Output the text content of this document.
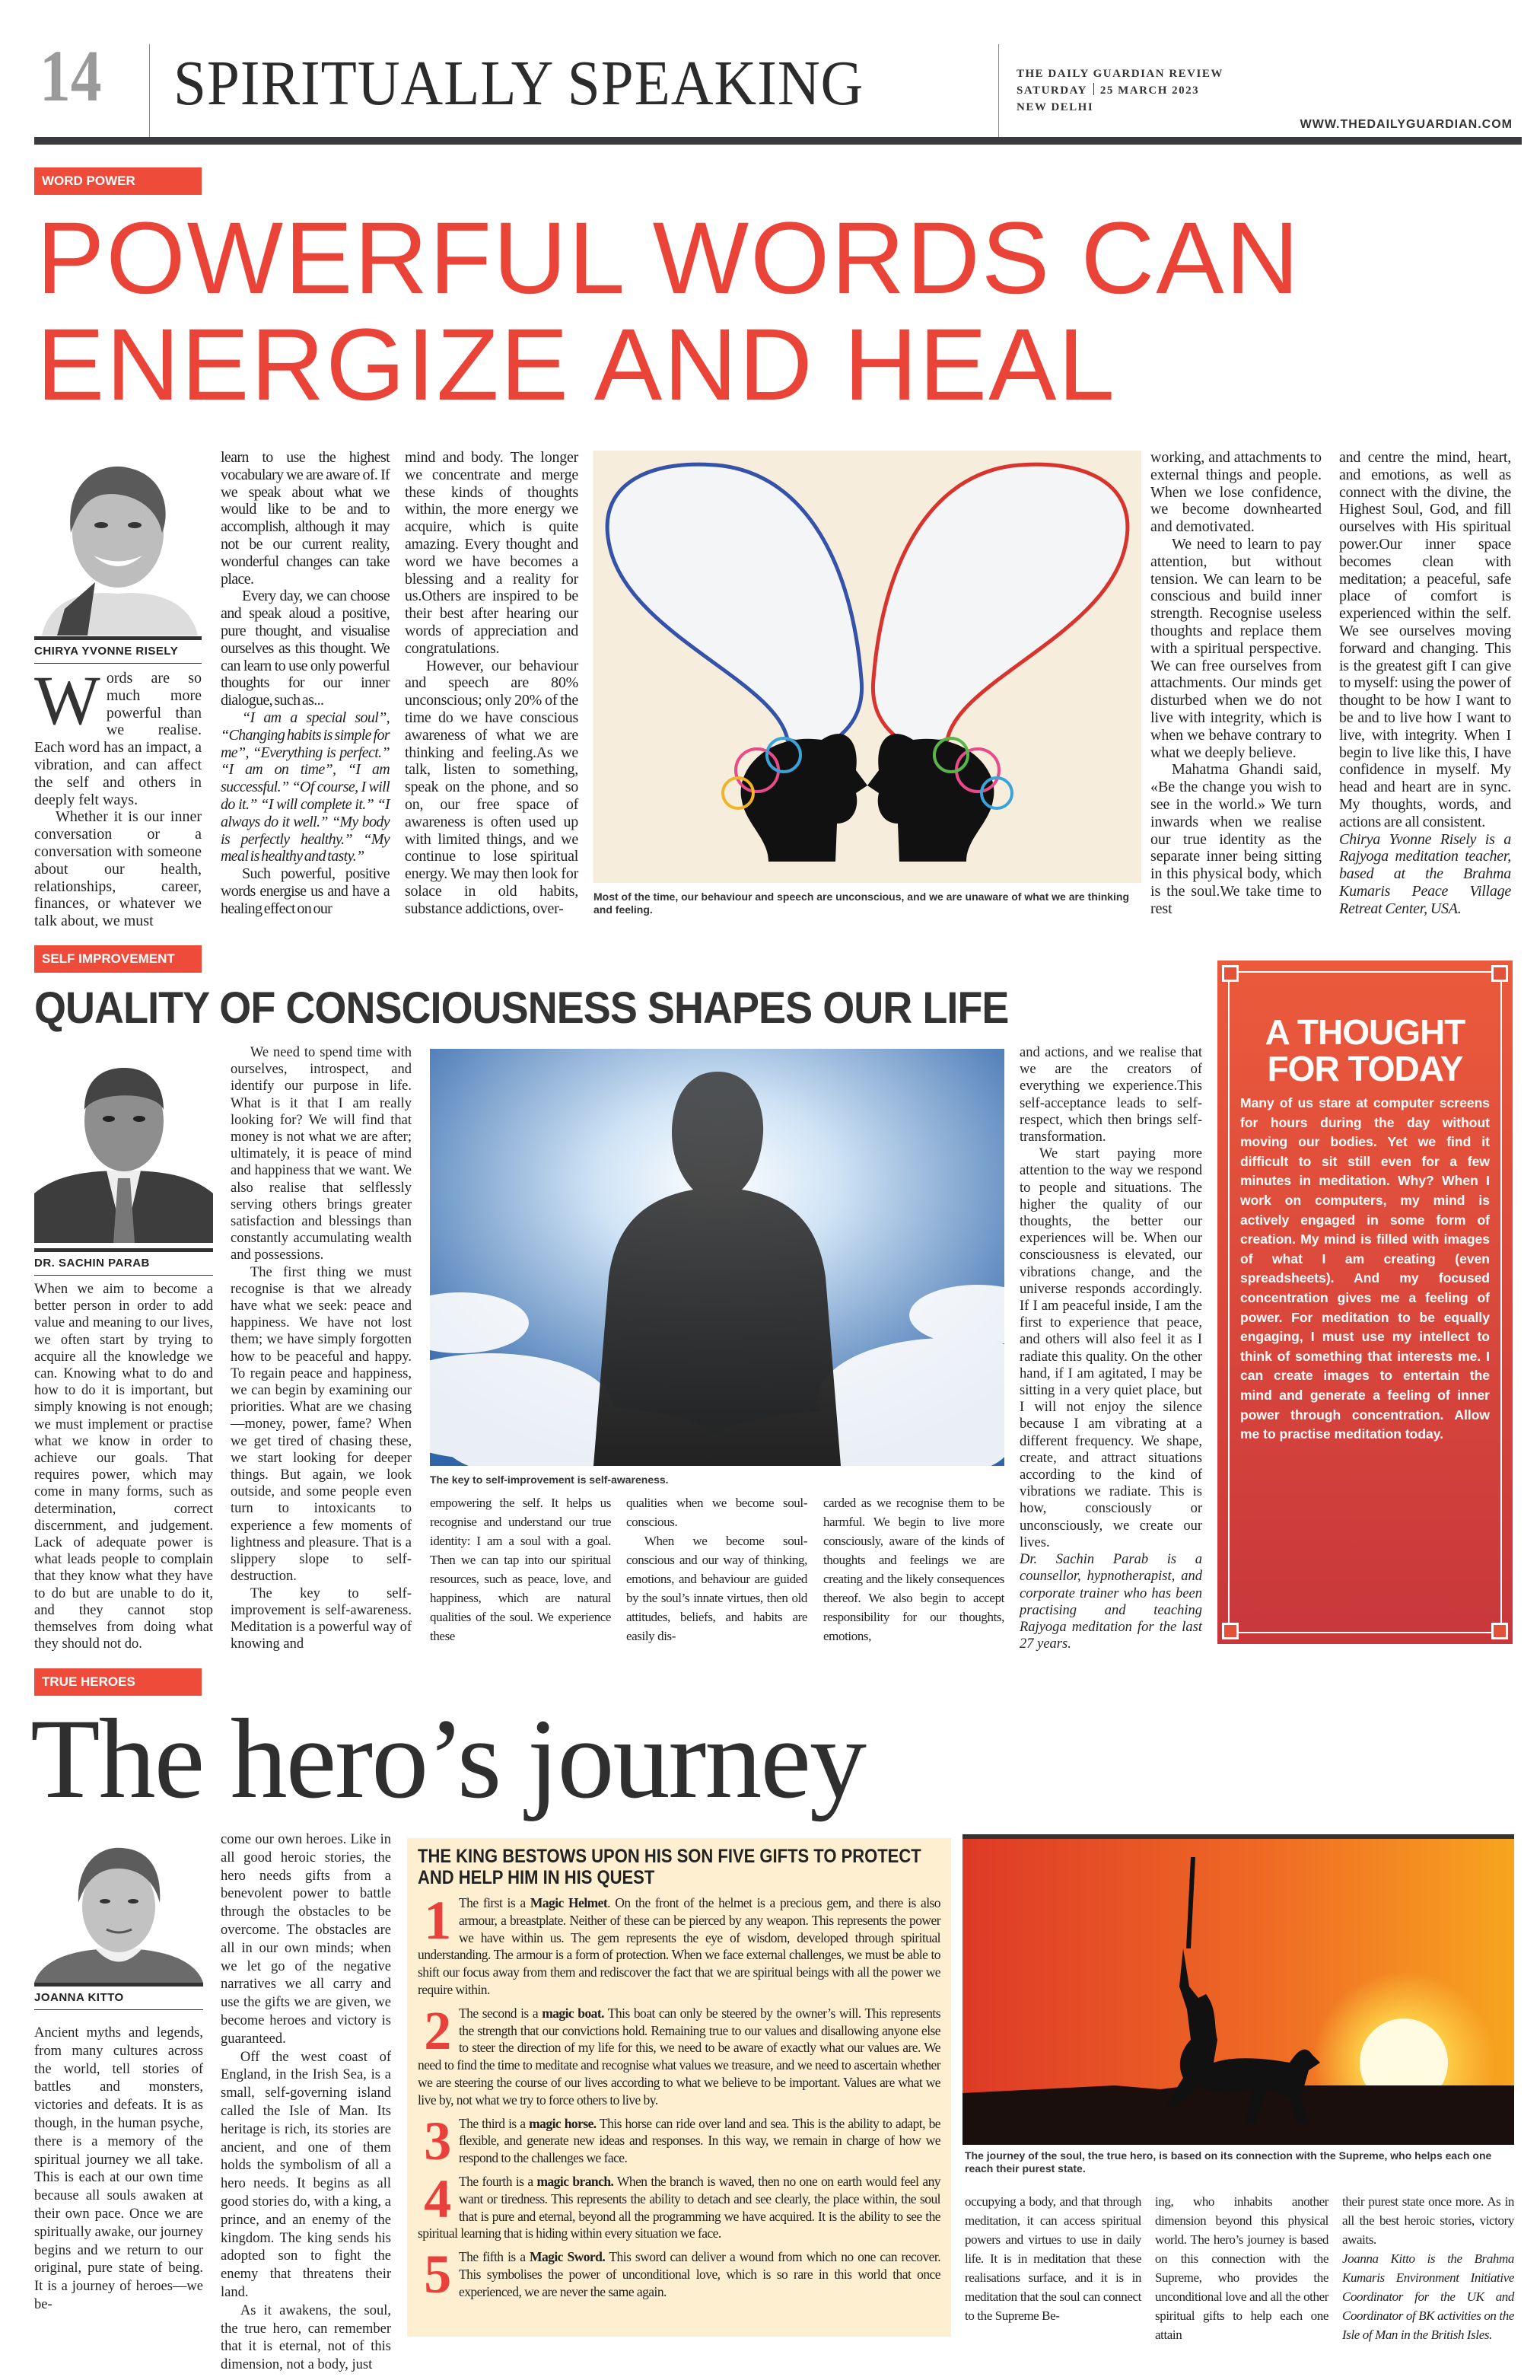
14 SPIRITUALLY SPEAKING	THE DAILY GUARDIAN REVIEW
SATURDAY 25 MARCH 2023
NEW DELHI
WWW.THEDAILYGUARDIAN.COM
WORD POWER
POWERFUL WORDS CAN
ENERGIZE AND HEAL
CHIRYA YVONNE RISELY

Words are so much more powerful than we realise. Each word has an impact, a vibration, and can affect the self and others in deeply felt ways.

Whether it is our inner conversation or a conversation with someone about our health, relationships, career, finances, or whatever we talk about, we must

learn to use the highest vocabulary we are aware of. If we speak about what we would like to be and to accomplish, although it may not be our current reality, wonderful changes can take place.

Every day, we can choose and speak aloud a positive, pure thought, and visualise ourselves as this thought. We can learn to use only powerful thoughts for our inner dialogue, such as...

“I am a special soul”, “Changing habits is simple for me”, “Everything is perfect.” “I am on time”, “I am successful.” “Of course, I will do it.” “I will complete it.” “I always do it well.” “My body is perfectly healthy.” “My meal is healthy and tasty.”

Such powerful, positive words energise us and have a healing effect on our

mind and body. The longer we concentrate and merge these kinds of thoughts within, the more energy we acquire, which is quite amazing. Every thought and word we have becomes a blessing and a reality for us.Others are inspired to be their best after hearing our words of appreciation and congratulations.

However, our behaviour and speech are 80% unconscious; only 20% of the time do we have conscious awareness of what we are thinking and feeling.As we talk, listen to something, speak on the phone, and so on, our free space of awareness is often used up with limited things, and we continue to lose spiritual energy. We may then look for solace in old habits, substance addictions, over-

Most of the time, our behaviour and speech are unconscious, and we are unaware of what we are thinking and feeling.

working, and attachments to external things and people. When we lose confidence, we become downhearted and demotivated.

We need to learn to pay attention, but without tension. We can learn to be conscious and build inner strength. Recognise useless thoughts and replace them with a spiritual perspective. We can free ourselves from attachments. Our minds get disturbed when we do not live with integrity, which is when we behave contrary to what we deeply believe.

Mahatma Ghandi said, «Be the change you wish to see in the world.» We turn inwards when we realise our true identity as the separate inner being sitting in this physical body, which is the soul.We take time to rest

and centre the mind, heart, and emotions, as well as connect with the divine, the Highest Soul, God, and fill ourselves with His spiritual power.Our inner space becomes clean with meditation; a peaceful, safe place of comfort is experienced within the self. We see ourselves moving forward and changing. This is the greatest gift I can give to myself: using the power of thought to be how I want to be and to live how I want to live, with integrity. When I begin to live like this, I have confidence in myself. My head and heart are in sync. My thoughts, words, and actions are all consistent.

Chirya Yvonne Risely is a Rajyoga meditation teacher, based at the Brahma Kumaris Peace Village Retreat Center, USA.

SELF IMPROVEMENT
QUALITY OF CONSCIOUSNESS SHAPES OUR LIFE
DR. SACHIN PARAB

When we aim to become a better person in order to add value and meaning to our lives, we often start by trying to acquire all the knowledge we can. Knowing what to do and how to do it is important, but simply knowing is not enough; we must implement or practise what we know in order to achieve our goals. That requires power, which may come in many forms, such as determination, correct discernment, and judgement. Lack of adequate power is what leads people to complain that they know what they have to do but are unable to do it, and they cannot stop themselves from doing what they should not do.

We need to spend time with ourselves, introspect, and identify our purpose in life. What is it that I am really looking for? We will find that money is not what we are after; ultimately, it is peace of mind and happiness that we want. We also realise that selflessly serving others brings greater satisfaction and blessings than constantly accumulating wealth and possessions.

The first thing we must recognise is that we already have what we seek: peace and happiness. We have not lost them; we have simply forgotten how to be peaceful and happy. To regain peace and happiness, we can begin by examining our priorities. What are we chasing—money, power, fame? When we get tired of chasing these, we start looking for deeper things. But again, we look outside, and some people even turn to intoxicants to experience a few moments of lightness and pleasure. That is a slippery slope to self-destruction.

The key to self-improvement is self-awareness. Meditation is a powerful way of knowing and

The key to self-improvement is self-awareness.

empowering the self. It helps us recognise and understand our true identity: I am a soul with a goal. Then we can tap into our spiritual resources, such as peace, love, and happiness, which are natural qualities of the soul. We experience these

qualities when we become soul-conscious.

When we become soul-conscious and our way of thinking, emotions, and behaviour are guided by the soul’s innate virtues, then old attitudes, beliefs, and habits are easily dis-

carded as we recognise them to be harmful. We begin to live more consciously, aware of the kinds of thoughts and feelings we are creating and the likely consequences thereof. We also begin to accept responsibility for our thoughts, emotions,

and actions, and we realise that we are the creators of everything we experience.This self-acceptance leads to self-respect, which then brings self-transformation.

We start paying more attention to the way we respond to people and situations. The higher the quality of our thoughts, the better our experiences will be. When our consciousness is elevated, our vibrations change, and the universe responds accordingly. If I am peaceful inside, I am the first to experience that peace, and others will also feel it as I radiate this quality. On the other hand, if I am agitated, I may be sitting in a very quiet place, but I will not enjoy the silence because I am vibrating at a different frequency. We shape, create, and attract situations according to the kind of vibrations we radiate. This is how, consciously or unconsciously, we create our lives.

Dr. Sachin Parab is a counsellor, hypnotherapist, and corporate trainer who has been practising and teaching Rajyoga meditation for the last 27 years.

A THOUGHT
FOR TODAY
Many of us stare at computer screens for hours during the day without moving our bodies. Yet we find it difficult to sit still even for a few minutes in meditation. Why? When I work on computers, my mind is actively engaged in some form of creation. My mind is filled with images of what I am creating (even spreadsheets). And my focused concentration gives me a feeling of power. For meditation to be equally engaging, I must use my intellect to think of something that interests me. I can create images to entertain the mind and generate a feeling of inner power through concentration. Allow me to practise meditation today.
TRUE HEROES
The hero’s journey
JOANNA KITTO

Ancient myths and legends, from many cultures across the world, tell stories of battles and monsters, victories and defeats. It is as though, in the human psyche, there is a memory of the spiritual journey we all take. This is each at our own time because all souls awaken at their own pace. Once we are spiritually awake, our journey begins and we return to our original, pure state of being. It is a journey of heroes—we be-

come our own heroes. Like in all good heroic stories, the hero needs gifts from a benevolent power to battle through the obstacles to be overcome. The obstacles are all in our own minds; when we let go of the negative narratives we all carry and use the gifts we are given, we become heroes and victory is guaranteed.

Off the west coast of England, in the Irish Sea, is a small, self-governing island called the Isle of Man. Its heritage is rich, its stories are ancient, and one of them holds the symbolism of all a hero needs. It begins as all good stories do, with a king, a prince, and an enemy of the kingdom. The king sends his adopted son to fight the enemy that threatens their land.

As it awakens, the soul, the true hero, can remember that it is eternal, not of this dimension, not a body, just

THE KING BESTOWS UPON HIS SON FIVE GIFTS TO PROTECT AND HELP HIM IN HIS QUEST
1 The first is a Magic Helmet. On the front of the helmet is a precious gem, and there is also armour, a breastplate. Neither of these can be pierced by any weapon. This represents the power we have within us. The gem represents the eye of wisdom, developed through spiritual understanding. The armour is a form of protection. When we face external challenges, we must be able to shift our focus away from them and rediscover the fact that we are spiritual beings with all the power we require within.
2 The second is a magic boat. This boat can only be steered by the owner’s will. This represents the strength that our convictions hold. Remaining true to our values and disallowing anyone else to steer the direction of my life for this, we need to be aware of exactly what our values are. We need to find the time to meditate and recognise what values we treasure, and we need to ascertain whether we are steering the course of our lives according to what we believe to be important. Values are what we live by, not what we try to force others to live by.
3 The third is a magic horse. This horse can ride over land and sea. This is the ability to adapt, be flexible, and generate new ideas and responses. In this way, we remain in charge of how we respond to the challenges we face.
4 The fourth is a magic branch. When the branch is waved, then no one on earth would feel any want or tiredness. This represents the ability to detach and see clearly, the place within, the soul that is pure and eternal, beyond all the programming we have acquired. It is the ability to see the spiritual learning that is hiding within every situation we face.
5 The fifth is a Magic Sword. This sword can deliver a wound from which no one can recover. This symbolises the power of unconditional love, which is so rare in this world that once experienced, we are never the same again.
The journey of the soul, the true hero, is based on its connection with the Supreme, who helps each one reach their purest state.

occupying a body, and that through meditation, it can access spiritual powers and virtues to use in daily life. It is in meditation that these realisations surface, and it is in meditation that the soul can connect to the Supreme Be-

ing, who inhabits another dimension beyond this physical world. The hero’s journey is based on this connection with the Supreme, who provides the unconditional love and all the other spiritual gifts to help each one attain

their purest state once more. As in all the best heroic stories, victory awaits.

Joanna Kitto is the Brahma Kumaris Environment Initiative Coordinator for the UK and Coordinator of BK activities on the Isle of Man in the British Isles.
